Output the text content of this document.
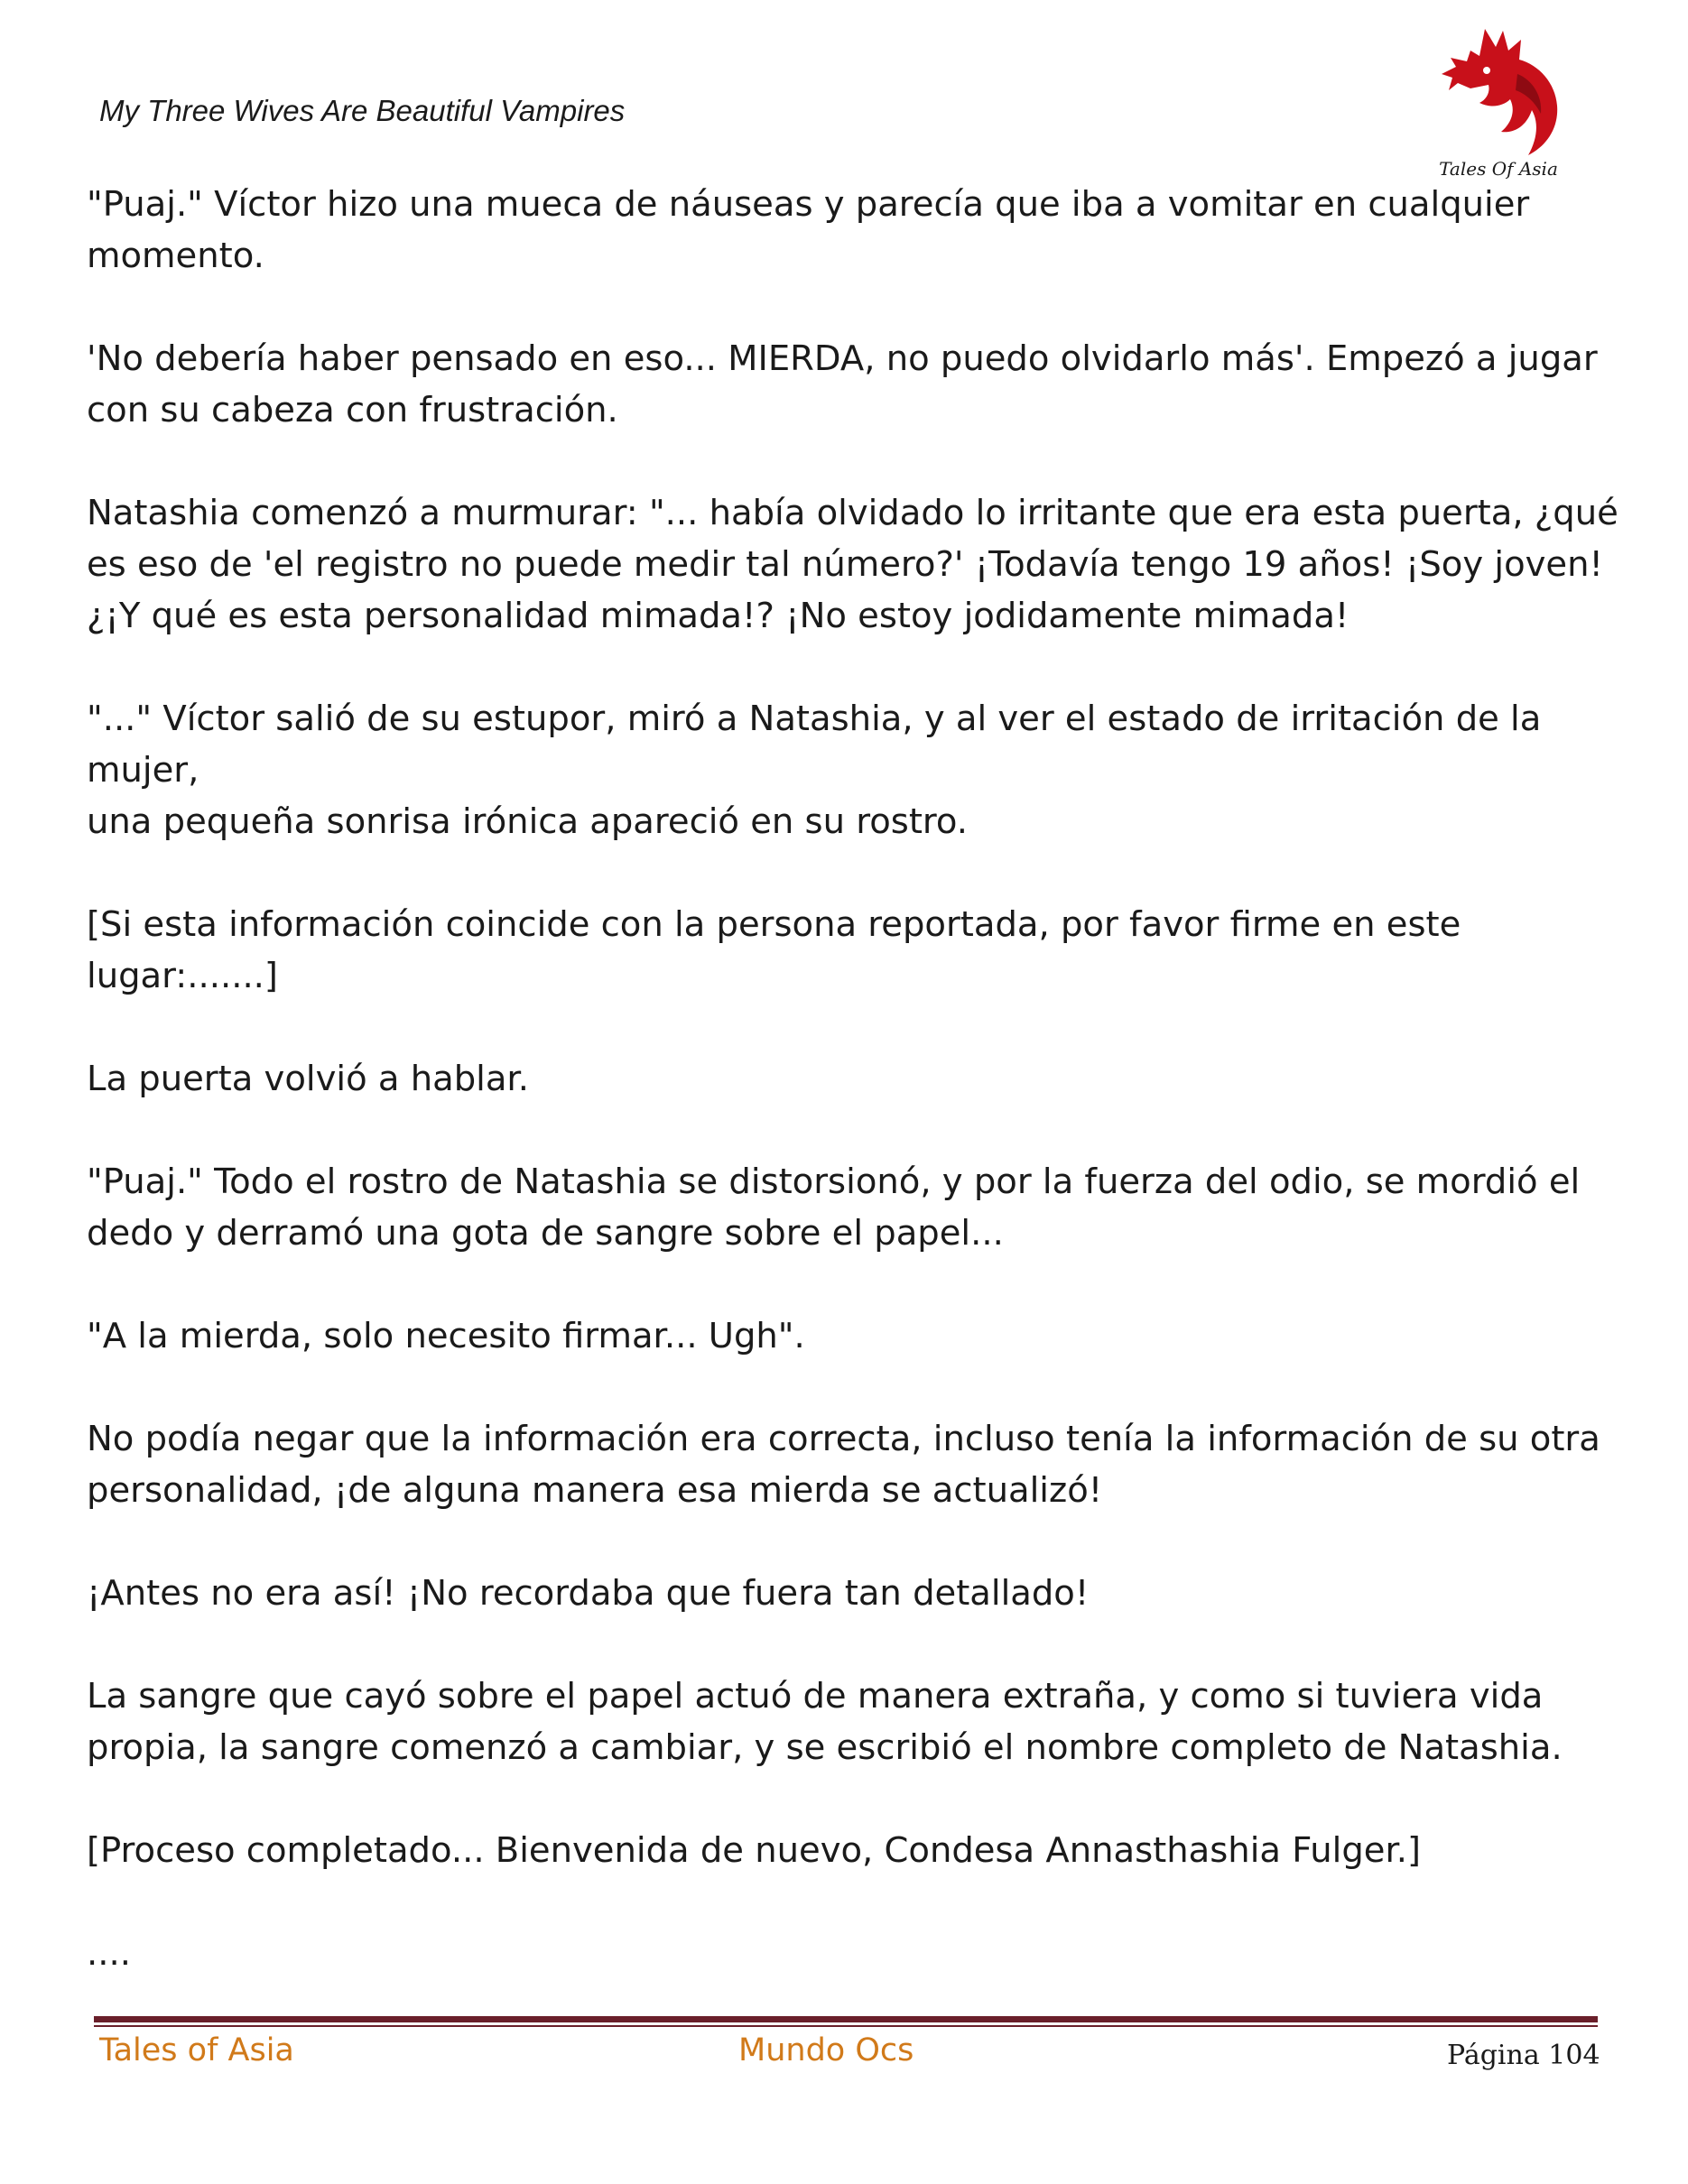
My Three Wives Are Beautiful Vampires
Tales Of Asia

"Puaj." Víctor hizo una mueca de náuseas y parecía que iba a vomitar en cualquier
momento.

'No debería haber pensado en eso... MIERDA, no puedo olvidarlo más'. Empezó a jugar
con su cabeza con frustración.

Natashia comenzó a murmurar: "... había olvidado lo irritante que era esta puerta, ¿qué
es eso de 'el registro no puede medir tal número?' ¡Todavía tengo 19 años! ¡Soy joven!
¿¡Y qué es esta personalidad mimada!? ¡No estoy jodidamente mimada!

"..." Víctor salió de su estupor, miró a Natashia, y al ver el estado de irritación de la mujer,
una pequeña sonrisa irónica apareció en su rostro.

[Si esta información coincide con la persona reportada, por favor firme en este lugar:.......]

La puerta volvió a hablar.

"Puaj." Todo el rostro de Natashia se distorsionó, y por la fuerza del odio, se mordió el
dedo y derramó una gota de sangre sobre el papel...

"A la mierda, solo necesito firmar... Ugh".

No podía negar que la información era correcta, incluso tenía la información de su otra
personalidad, ¡de alguna manera esa mierda se actualizó!

¡Antes no era así! ¡No recordaba que fuera tan detallado!

La sangre que cayó sobre el papel actuó de manera extraña, y como si tuviera vida
propia, la sangre comenzó a cambiar, y se escribió el nombre completo de Natashia.

[Proceso completado... Bienvenida de nuevo, Condesa Annasthashia Fulger.]

....

Tales of Asia	Mundo Ocs	Página 104
